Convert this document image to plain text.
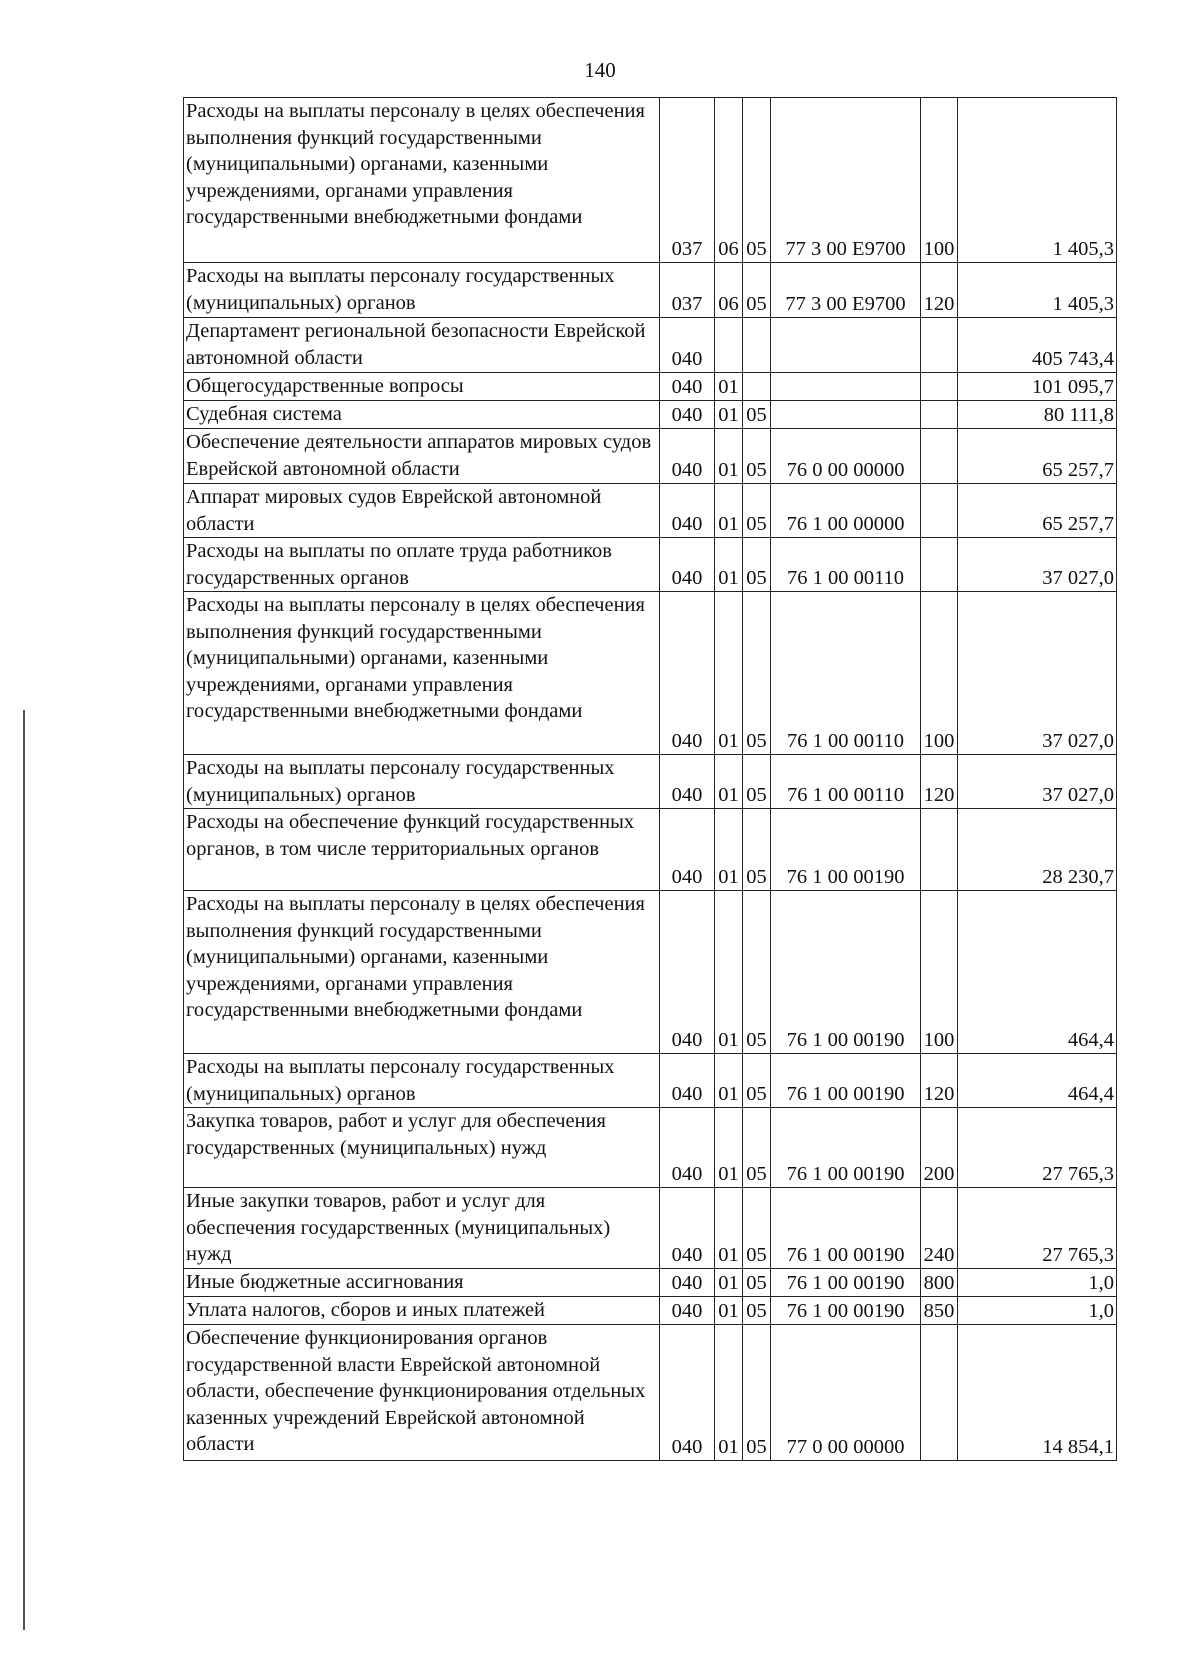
140
Расходы на выплаты персоналу в целях обеспечения выполнения функций государственными (муниципальными) органами, казенными учреждениями, органами управления государственными внебюджетными фондами	037	06	05	77 3 00 E9700	100	1 405,3

Расходы на выплаты персоналу государственных (муниципальных) органов	037	06	05	77 3 00 E9700	120	1 405,3

Департамент региональной безопасности Еврейской автономной области	040					405 743,4

Общегосударственные вопросы	040	01				101 095,7

Судебная система	040	01	05			80 111,8

Обеспечение деятельности аппаратов мировых судов Еврейской автономной области	040	01	05	76 0 00 00000		65 257,7

Аппарат мировых судов Еврейской автономной области	040	01	05	76 1 00 00000		65 257,7

Расходы на выплаты по оплате труда работников государственных органов	040	01	05	76 1 00 00110		37 027,0

Расходы на выплаты персоналу в целях обеспечения выполнения функций государственными (муниципальными) органами, казенными учреждениями, органами управления государственными внебюджетными фондами	040	01	05	76 1 00 00110	100	37 027,0

Расходы на выплаты персоналу государственных (муниципальных) органов	040	01	05	76 1 00 00110	120	37 027,0

Расходы на обеспечение функций государственных органов, в том числе территориальных органов	040	01	05	76 1 00 00190		28 230,7

Расходы на выплаты персоналу в целях обеспечения выполнения функций государственными (муниципальными) органами, казенными учреждениями, органами управления государственными внебюджетными фондами	040	01	05	76 1 00 00190	100	464,4

Расходы на выплаты персоналу государственных (муниципальных) органов	040	01	05	76 1 00 00190	120	464,4

Закупка товаров, работ и услуг для обеспечения государственных (муниципальных) нужд	040	01	05	76 1 00 00190	200	27 765,3

Иные закупки товаров, работ и услуг для обеспечения государственных (муниципальных) нужд	040	01	05	76 1 00 00190	240	27 765,3

Иные бюджетные ассигнования	040	01	05	76 1 00 00190	800	1,0

Уплата налогов, сборов и иных платежей	040	01	05	76 1 00 00190	850	1,0

Обеспечение функционирования органов государственной власти Еврейской автономной области, обеспечение функционирования отдельных казенных учреждений Еврейской автономной области	040	01	05	77 0 00 00000		14 854,1
